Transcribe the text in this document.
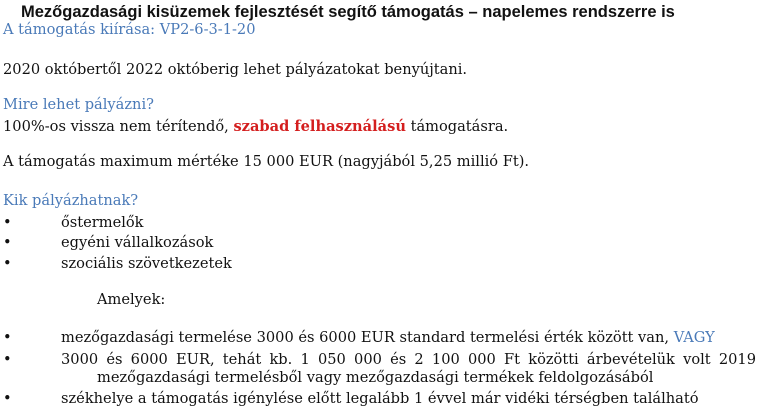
Mezőgazdasági kisüzemek fejlesztését segítő támogatás – napelemes rendszerre is
A támogatás kiírása: VP2-6-3-1-20
2020 októbertől 2022 októberig lehet pályázatokat benyújtani.
Mire lehet pályázni?
100%-os vissza nem térítendő, szabad felhasználású támogatásra.
A támogatás maximum mértéke 15 000 EUR (nagyjából 5,25 millió Ft).
Kik pályázhatnak?
•	őstermelők
•	egyéni vállalkozások
•	szociális szövetkezetek
Amelyek:
•	mezőgazdasági termelése 3000 és 6000 EUR standard termelési érték között van, VAGY
•	3000 és 6000 EUR, tehát kb. 1 050 000 és 2 100 000 Ft közötti árbevételük volt 2019
mezőgazdasági termelésből vagy mezőgazdasági termékek feldolgozásából
•	székhelye a támogatás igénylése előtt legalább 1 évvel már vidéki térségben található
